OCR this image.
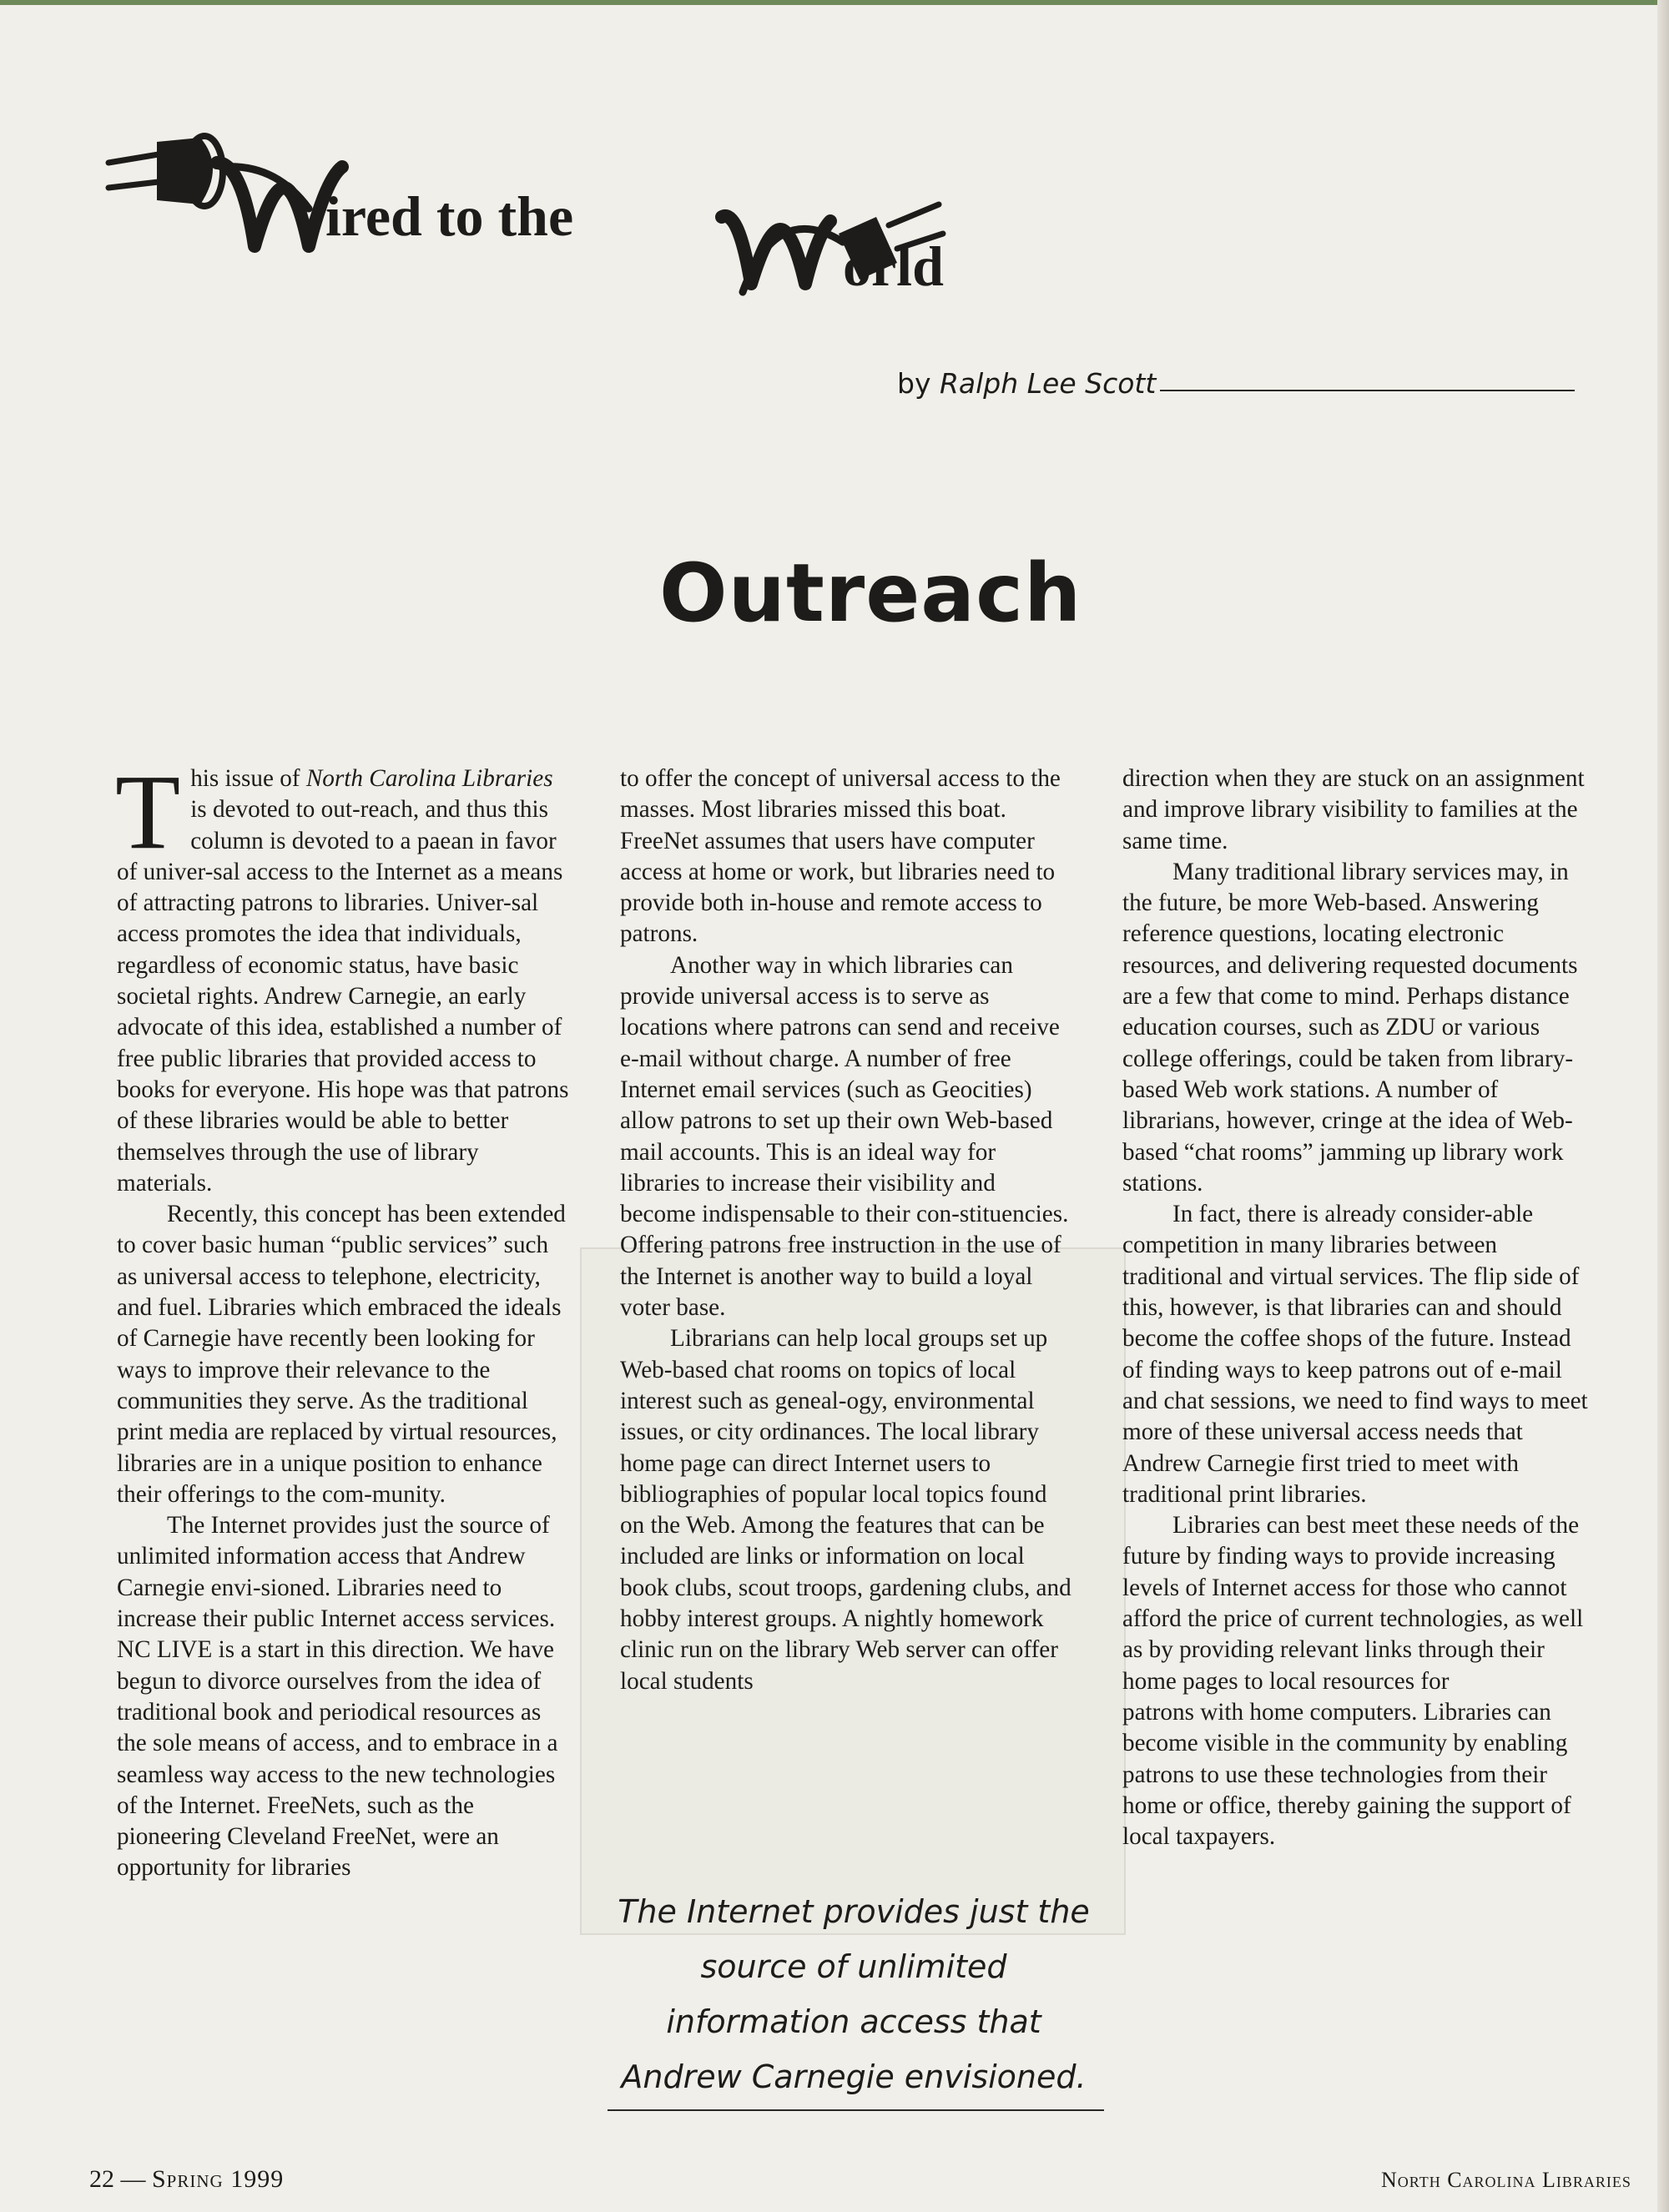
ired to the
orld
by Ralph Lee Scott
Outreach

This issue of North Carolina Libraries is devoted to out-reach, and thus this column is devoted to a paean in favor of univer-sal access to the Internet as a means of attracting patrons to libraries. Univer-sal access promotes the idea that individuals, regardless of economic status, have basic societal rights. Andrew Carnegie, an early advocate of this idea, established a number of free public libraries that provided access to books for everyone. His hope was that patrons of these libraries would be able to better themselves through the use of library materials.

Recently, this concept has been extended to cover basic human “public services” such as universal access to telephone, electricity, and fuel. Libraries which embraced the ideals of Carnegie have recently been looking for ways to improve their relevance to the communities they serve. As the traditional print media are replaced by virtual resources, libraries are in a unique position to enhance their offerings to the com-munity.

The Internet provides just the source of unlimited information access that Andrew Carnegie envi-sioned. Libraries need to increase their public Internet access services. NC LIVE is a start in this direction. We have begun to divorce ourselves from the idea of traditional book and periodical resources as the sole means of access, and to embrace in a seamless way access to the new technologies of the Internet. FreeNets, such as the pioneering Cleveland FreeNet, were an opportunity for libraries

to offer the concept of universal access to the masses. Most libraries missed this boat. FreeNet assumes that users have computer access at home or work, but libraries need to provide both in-house and remote access to patrons.

Another way in which libraries can provide universal access is to serve as locations where patrons can send and receive e-mail without charge. A number of free Internet email services (such as Geocities) allow patrons to set up their own Web-based mail accounts. This is an ideal way for libraries to increase their visibility and become indispensable to their con-stituencies. Offering patrons free instruction in the use of the Internet is another way to build a loyal voter base.

Librarians can help local groups set up Web-based chat rooms on topics of local interest such as geneal-ogy, environmental issues, or city ordinances. The local library home page can direct Internet users to bibliographies of popular local topics found on the Web. Among the features that can be included are links or information on local book clubs, scout troops, gardening clubs, and hobby interest groups. A nightly homework clinic run on the library Web server can offer local students

The Internet provides just the source of unlimited information access that Andrew Carnegie envisioned.

direction when they are stuck on an assignment and improve library visibility to families at the same time.

Many traditional library services may, in the future, be more Web-based. Answering reference questions, locating electronic resources, and delivering requested documents are a few that come to mind. Perhaps distance education courses, such as ZDU or various college offerings, could be taken from library-based Web work stations. A number of librarians, however, cringe at the idea of Web-based “chat rooms” jamming up library work stations.

In fact, there is already consider-able competition in many libraries between traditional and virtual services. The flip side of this, however, is that libraries can and should become the coffee shops of the future. Instead of finding ways to keep patrons out of e-mail and chat sessions, we need to find ways to meet more of these universal access needs that Andrew Carnegie first tried to meet with traditional print libraries.

Libraries can best meet these needs of the future by finding ways to provide increasing levels of Internet access for those who cannot afford the price of current technologies, as well as by providing relevant links through their home pages to local resources for

patrons with home computers. Libraries can become visible in the community by enabling patrons to use these technologies from their home or office, thereby gaining the support of local taxpayers.

22 — Spring 1999	North Carolina Libraries
